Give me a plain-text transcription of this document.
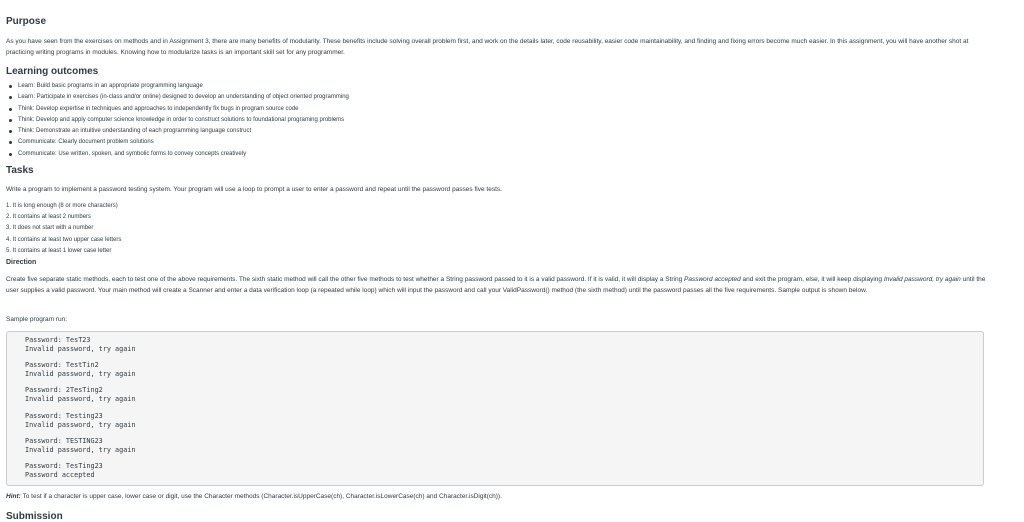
Purpose

As you have seen from the exercises on methods and in Assignment 3, there are many benefits of modularity. These benefits include solving overall problem first, and work on the details later, code reusability, easier code maintainability, and finding and fixing errors become much easier. In this assignment, you will have another shot at practicing writing programs in modules. Knowing how to modularize tasks is an important skill set for any programmer.

Learning outcomes
Learn: Build basic programs in an appropriate programming language
Learn: Participate in exercises (in-class and/or online) designed to develop an understanding of object oriented programming
Think: Develop expertise in techniques and approaches to independently fix bugs in program source code
Think: Develop and apply computer science knowledge in order to construct solutions to foundational programing problems
Think: Demonstrate an intuitive understanding of each programming language construct
Communicate: Clearly document problem solutions
Communicate: Use written, spoken, and symbolic forms to convey concepts creatively
Tasks

Write a program to implement a password testing system. Your program will use a loop to prompt a user to enter a password and repeat until the password passes five tests.

1. It is long enough (8 or more characters)
2. It contains at least 2 numbers
3. It does not start with a number
4. It contains at least two upper case letters
5. It contains at least 1 lower case letter
Direction

Create five separate static methods, each to test one of the above requirements. The sixth static method will call the other five methods to test whether a String password passed to it is a valid password. If it is valid, it will display a String Password accepted and exit the program, else, it will keep displaying Invalid password, try again until the user supplies a valid password. Your main method will create a Scanner and enter a data verification loop (a repeated while loop) which will input the password and call your ValidPassword() method (the sixth method) until the password passes all the five requirements. Sample output is shown below.

Sample program run:

Password: TesT23
Invalid password, try again
Password: TestTin2
Invalid password, try again
Password: 2TesTing2
Invalid password, try again
Password: Testing23
Invalid password, try again
Password: TESTING23
Invalid password, try again
Password: TesTing23
Password accepted

Hint: To test if a character is upper case, lower case or digit, use the Character methods (Character.isUpperCase(ch), Character.isLowerCase(ch) and Character.isDigit(ch)).

Submission
